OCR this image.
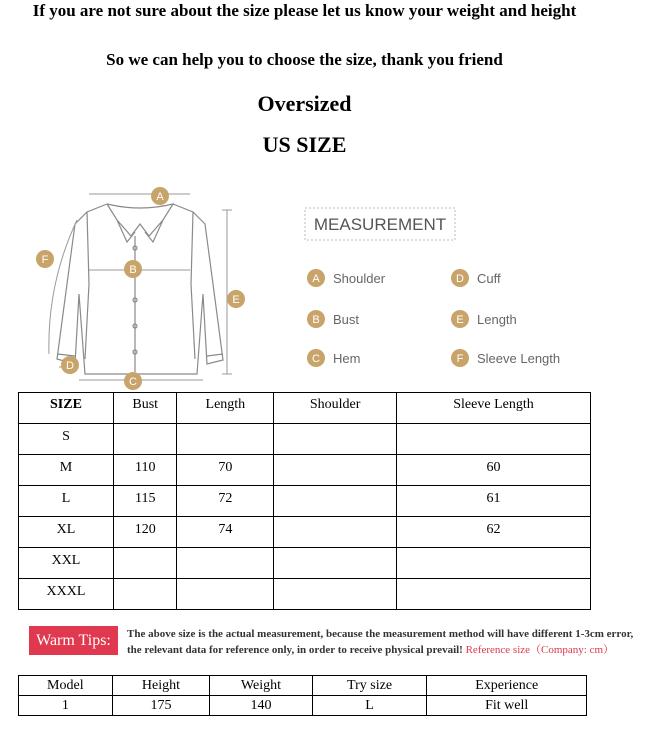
If you are not sure about the size please let us know your weight and height
So we can help you to choose the size, thank you friend
Oversized
US SIZE
A
B
C
D
E
F
MEASUREMENT
A Shoulder
B Bust
C Hem
D Cuff
E Length
F Sleeve Length
SIZE	Bust	Length	Shoulder	Sleeve Length
S				
M	110	70		60
L	115	72		61
XL	120	74		62
XXL				
XXXL				
Warm Tips:	The above size is the actual measurement, because the measurement method will have different 1-3cm error,
the relevant data for reference only, in order to receive physical prevail! Reference size（Company: cm）
Model	Height	Weight	Try size	Experience
1	175	140	L	Fit well
